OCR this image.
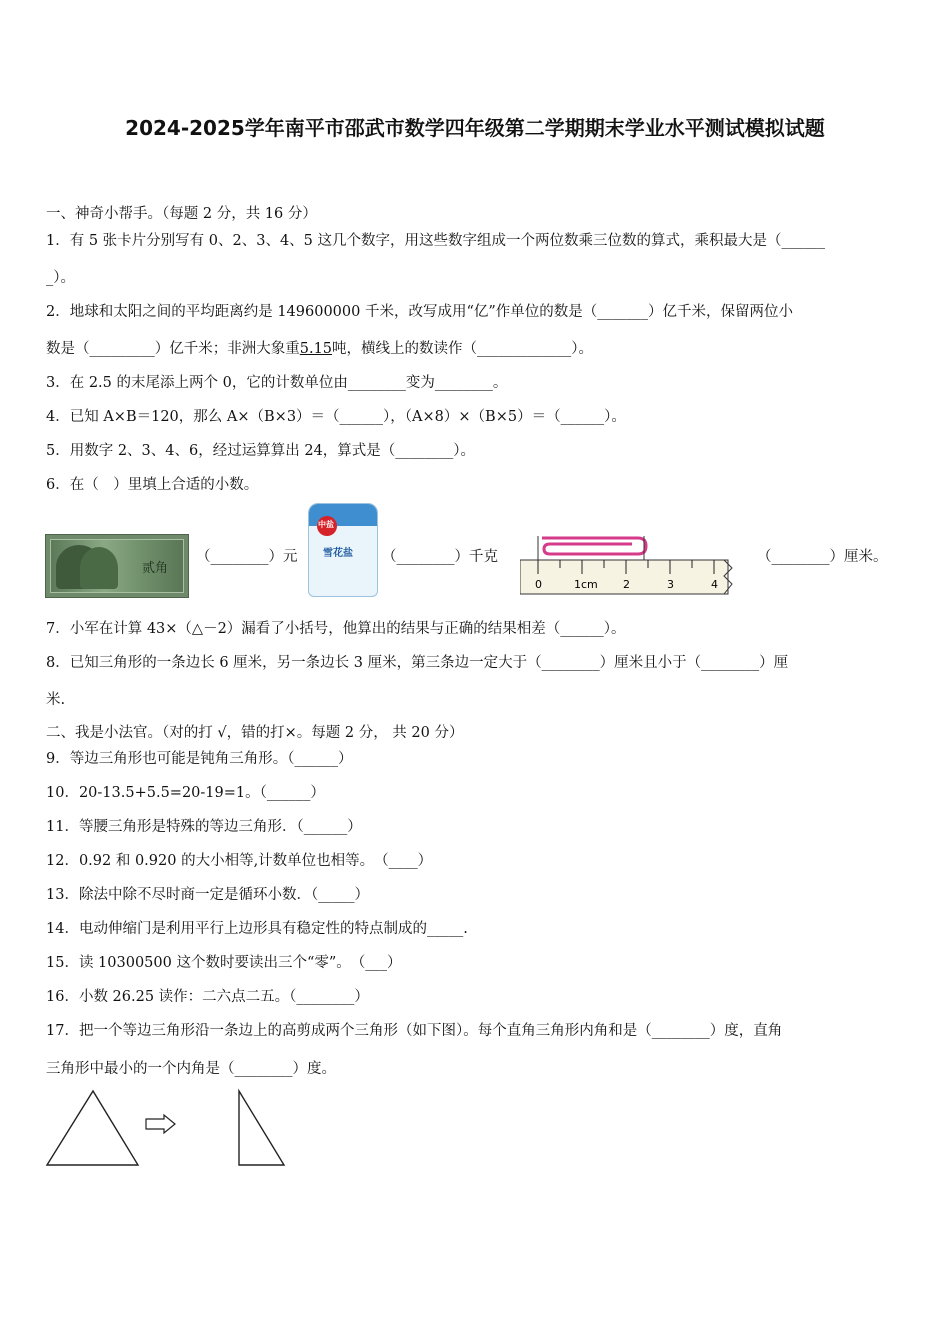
2024-2025学年南平市邵武市数学四年级第二学期期末学业水平测试模拟试题
一、神奇小帮手。（每题 2 分，共 16 分）
1．有 5 张卡片分别写有 0、2、3、4、5 这几个数字，用这些数字组成一个两位数乘三位数的算式，乘积最大是（______
_）。
2．地球和太阳之间的平均距离约是 149600000 千米，改写成用“亿”作单位的数是（_______）亿千米，保留两位小
数是（_________）亿千米；非洲大象重5.15吨，横线上的数读作（_____________）。
3．在 2.5 的末尾添上两个 0，它的计数单位由________变为________。
4．已知 A×B＝120，那么 A×（B×3）＝（______），（A×8）×（B×5）＝（______）。
5．用数字 2、3、4、6，经过运算算出 24，算式是（________）。
6．在（　）里填上合适的小数。
贰角
（________）元
中盐
雪花盐 （________）千克
0	1cm 2	3	4
（________）厘米。
7．小军在计算 43×（△－2）漏看了小括号，他算出的结果与正确的结果相差（______）。
8．已知三角形的一条边长 6 厘米，另一条边长 3 厘米，第三条边一定大于（________）厘米且小于（________）厘
米.
二、我是小法官。（对的打 √，错的打×。每题 2 分， 共 20 分）
9．等边三角形也可能是钝角三角形。（______）
10．20-13.5+5.5=20-19=1。（______）
11．等腰三角形是特殊的等边三角形．（______）
12．0.92 和 0.920 的大小相等,计数单位也相等。　（____）
13．除法中除不尽时商一定是循环小数．（_____）
14．电动伸缩门是利用平行上边形具有稳定性的特点制成的_____.
15．读 10300500 这个数时要读出三个“零”。　（___）
16．小数 26.25 读作：二六点二五。（________）
17．把一个等边三角形沿一条边上的高剪成两个三角形（如下图）。每个直角三角形内角和是（________）度，直角
三角形中最小的一个内角是（________）度。
